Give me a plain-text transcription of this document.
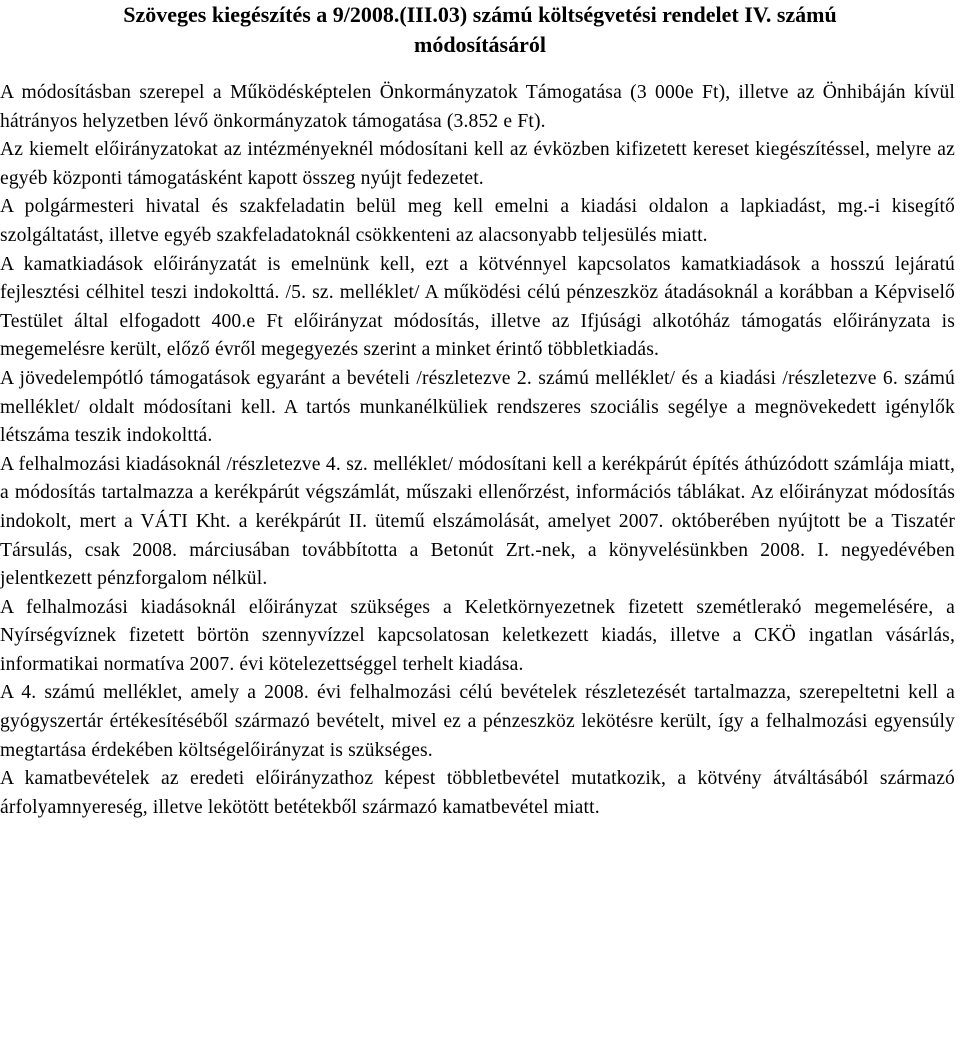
Szöveges kiegészítés a 9/2008.(III.03) számú költségvetési rendelet IV. számú
módosításáról

A módosításban szerepel a Működésképtelen Önkormányzatok Támogatása (3 000e Ft), illetve az Önhibáján kívül hátrányos helyzetben lévő önkormányzatok támogatása (3.852 e Ft).

Az kiemelt előirányzatokat az intézményeknél módosítani kell az évközben kifizetett kereset kiegészítéssel, melyre az egyéb központi támogatásként kapott összeg nyújt fedezetet.

A polgármesteri hivatal és szakfeladatin belül meg kell emelni a kiadási oldalon a lapkiadást, mg.-i kisegítő szolgáltatást, illetve egyéb szakfeladatoknál csökkenteni az alacsonyabb teljesülés miatt.

A kamatkiadások előirányzatát is emelnünk kell, ezt a kötvénnyel kapcsolatos kamatkiadások a hosszú lejáratú fejlesztési célhitel teszi indokolttá. /5. sz. melléklet/ A működési célú pénzeszköz átadásoknál a korábban a Képviselő Testület által elfogadott 400.e Ft előirányzat módosítás, illetve az Ifjúsági alkotóház támogatás előirányzata is megemelésre került, előző évről megegyezés szerint a minket érintő többletkiadás.

A jövedelempótló támogatások egyaránt a bevételi /részletezve 2. számú melléklet/ és a kiadási /részletezve 6. számú melléklet/ oldalt módosítani kell. A tartós munkanélküliek rendszeres szociális segélye a megnövekedett igénylők létszáma teszik indokolttá.

A felhalmozási kiadásoknál /részletezve 4. sz. melléklet/ módosítani kell a kerékpárút építés áthúzódott számlája miatt, a módosítás tartalmazza a kerékpárút végszámlát, műszaki ellenőrzést, információs táblákat. Az előirányzat módosítás indokolt, mert a VÁTI Kht. a kerékpárút II. ütemű elszámolását, amelyet 2007. októberében nyújtott be a Tiszatér Társulás, csak 2008. márciusában továbbította a Betonút Zrt.-nek, a könyvelésünkben 2008. I. negyedévében jelentkezett pénzforgalom nélkül.

A felhalmozási kiadásoknál előirányzat szükséges a Keletkörnyezetnek fizetett szemétlerakó megemelésére, a Nyírségvíznek fizetett börtön szennyvízzel kapcsolatosan keletkezett kiadás, illetve a CKÖ ingatlan vásárlás, informatikai normatíva 2007. évi kötelezettséggel terhelt kiadása.

A 4. számú melléklet, amely a 2008. évi felhalmozási célú bevételek részletezését tartalmazza, szerepeltetni kell a gyógyszertár értékesítéséből származó bevételt, mivel ez a pénzeszköz lekötésre került, így a felhalmozási egyensúly megtartása érdekében költségelőirányzat is szükséges.

A kamatbevételek az eredeti előirányzathoz képest többletbevétel mutatkozik, a kötvény átváltásából származó árfolyamnyereség, illetve lekötött betétekből származó kamatbevétel miatt.
